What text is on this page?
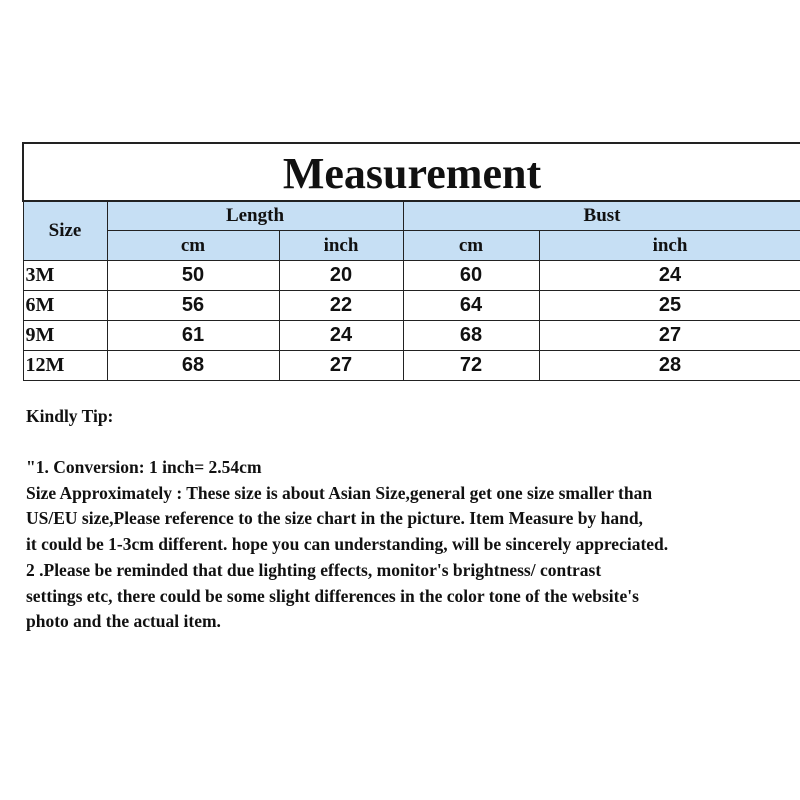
Measurement				
Size	Length		Bust	
	cm	inch	cm	inch
3M	50	20	60	24
6M	56	22	64	25
9M	61	24	68	27
12M	68	27	72	28

Kindly Tip:

"1. Conversion: 1 inch= 2.54cm

Size Approximately : These size is about Asian Size,general get one size smaller than

US/EU size,Please reference to the size chart in the picture. Item Measure by hand,

it could be 1-3cm different. hope you can understanding, will be sincerely appreciated.

2 .Please be reminded that due lighting effects, monitor's brightness/ contrast

settings etc, there could be some slight differences in the color tone of the website's

photo and the actual item.
